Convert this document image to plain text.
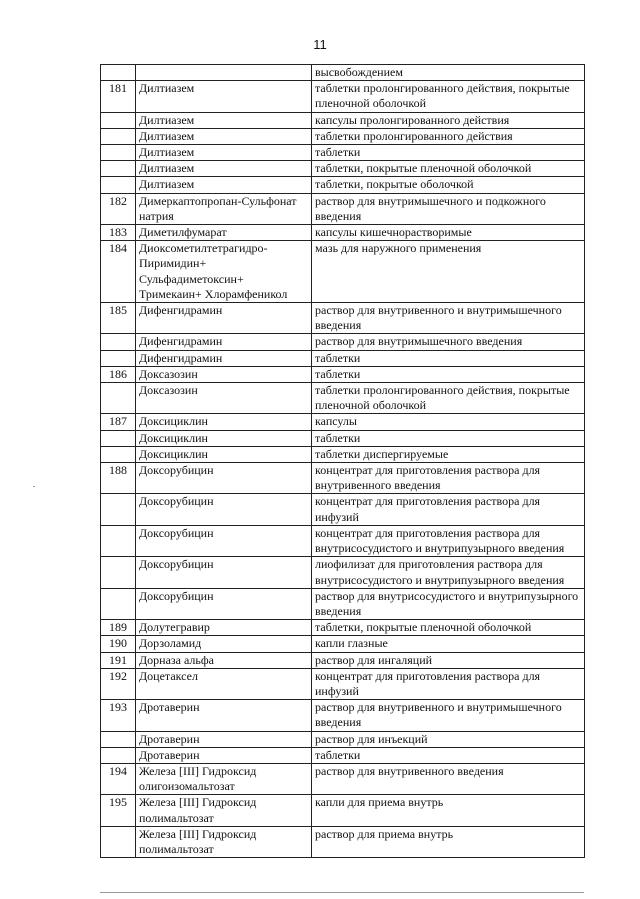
11
		высвобождением
181	Дилтиазем	таблетки пролонгированного действия, покрытые пленочной оболочкой
	Дилтиазем	капсулы пролонгированного действия
	Дилтиазем	таблетки пролонгированного действия
	Дилтиазем	таблетки
	Дилтиазем	таблетки, покрытые пленочной оболочкой
	Дилтиазем	таблетки, покрытые оболочкой
182	Димеркаптопропан-Сульфонат натрия	раствор для внутримышечного и подкожного введения
183	Диметилфумарат	капсулы кишечнорастворимые
184	Диоксометилтетрагидро-Пиримидин+ Сульфадиметоксин+ Тримекаин+ Хлорамфеникол	мазь для наружного применения
185	Дифенгидрамин	раствор для внутривенного и внутримышечного введения
	Дифенгидрамин	раствор для внутримышечного введения
	Дифенгидрамин	таблетки
186	Доксазозин	таблетки
	Доксазозин	таблетки пролонгированного действия, покрытые пленочной оболочкой
187	Доксициклин	капсулы
	Доксициклин	таблетки
	Доксициклин	таблетки диспергируемые
188	Доксорубицин	концентрат для приготовления раствора для внутривенного введения
	Доксорубицин	концентрат для приготовления раствора для инфузий
	Доксорубицин	концентрат для приготовления раствора для внутрисосудистого и внутрипузырного введения
	Доксорубицин	лиофилизат для приготовления раствора для внутрисосудистого и внутрипузырного введения
	Доксорубицин	раствор для внутрисосудистого и внутрипузырного введения
189	Долутегравир	таблетки, покрытые пленочной оболочкой
190	Дорзоламид	капли глазные
191	Дорназа альфа	раствор для ингаляций
192	Доцетаксел	концентрат для приготовления раствора для инфузий
193	Дротаверин	раствор для внутривенного и внутримышечного введения
	Дротаверин	раствор для инъекций
	Дротаверин	таблетки
194	Железа [III] Гидроксид олигоизомальтозат	раствор для внутривенного введения
195	Железа [III] Гидроксид полимальтозат	капли для приема внутрь
	Железа [III] Гидроксид полимальтозат	раствор для приема внутрь
